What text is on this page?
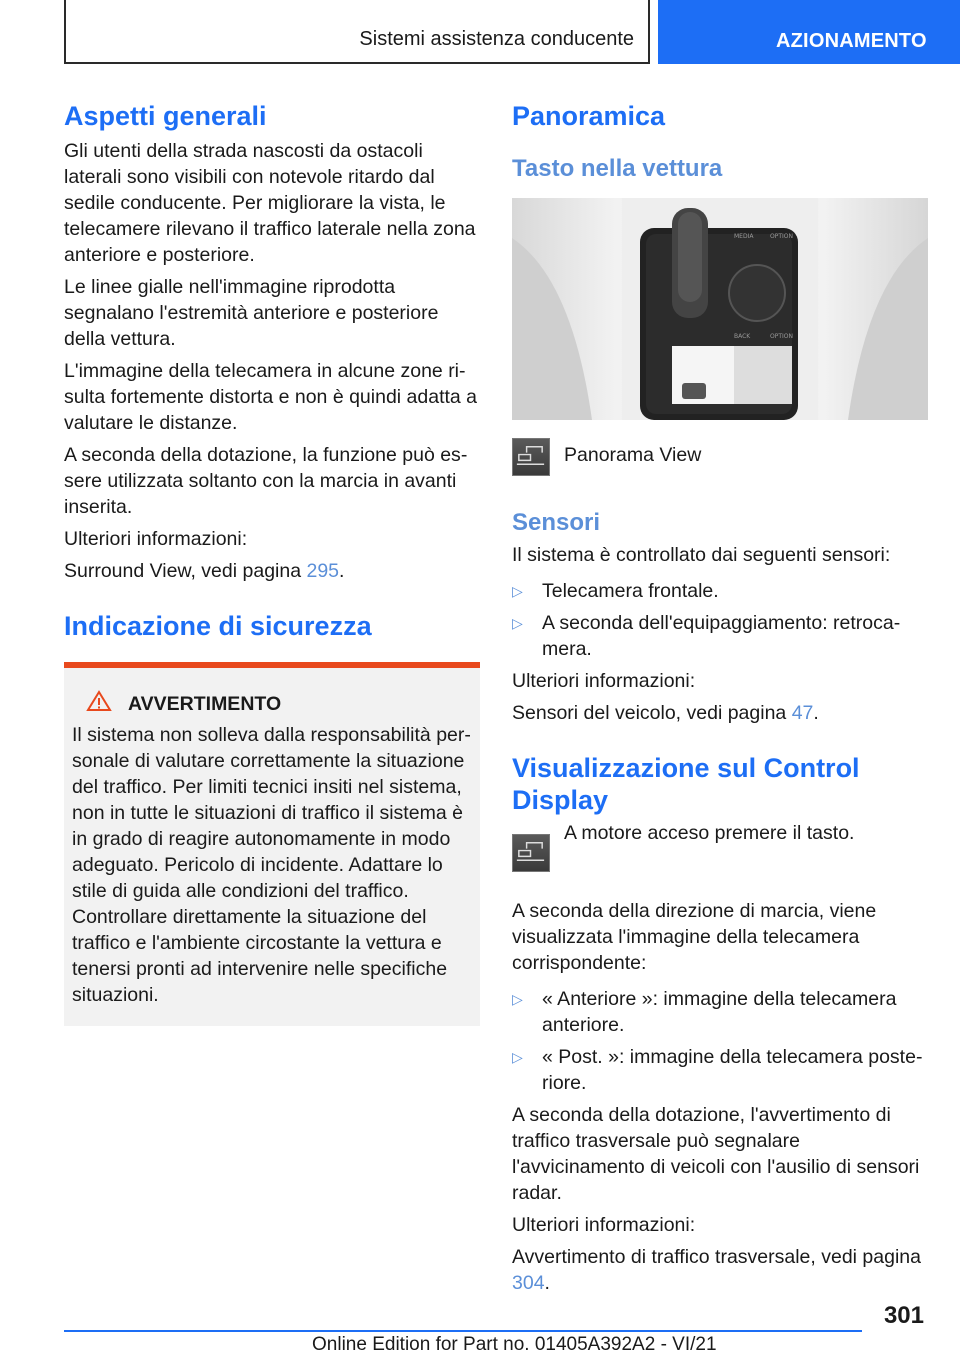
Sistemi assistenza conducente	AZIONAMENTO
Aspetti generali

Gli utenti della strada nascosti da ostacoli laterali sono visibili con notevole ritardo dal sedile conducente. Per migliorare la vista, le telecamere rilevano il traffico laterale nella zona anteriore e posteriore.

Le linee gialle nell'immagine riprodotta segnalano l'estremità anteriore e posteriore della vettura.

L'immagine della telecamera in alcune zone risulta fortemente distorta e non è quindi adatta a valutare le distanze.

A seconda della dotazione, la funzione può essere utilizzata soltanto con la marcia in avanti inserita.

Ulteriori informazioni:

Surround View, vedi pagina 295.

Indicazione di sicurezza
AVVERTIMENTO

Il sistema non solleva dalla responsabilità personale di valutare correttamente la situazione del traffico. Per limiti tecnici insiti nel sistema, non in tutte le situazioni di traffico il sistema è in grado di reagire autonomamente in modo adeguato. Pericolo di incidente. Adattare lo stile di guida alle condizioni del traffico. Controllare direttamente la situazione del traffico e l'ambiente circostante la vettura e tenersi pronti ad intervenire nelle specifiche situazioni.

Panoramica
Tasto nella vettura
MEDIA	OPTION
BACK	OPTION

Panorama View

Sensori

Il sistema è controllato dai seguenti sensori:

▷ Telecamera frontale.
▷ A seconda dell'equipaggiamento: retrocamera.

Ulteriori informazioni:

Sensori del veicolo, vedi pagina 47.

Visualizzazione sul Control Display

A motore acceso premere il tasto.

A seconda della direzione di marcia, viene visualizzata l'immagine della telecamera corrispondente:

▷ « Anteriore »: immagine della telecamera anteriore.
▷ « Post. »: immagine della telecamera posteriore.

A seconda della dotazione, l'avvertimento di traffico trasversale può segnalare l'avvicinamento di veicoli con l'ausilio di sensori radar.

Ulteriori informazioni:

Avvertimento di traffico trasversale, vedi pagina 304.

301
Online Edition for Part no. 01405A392A2 - VI/21
